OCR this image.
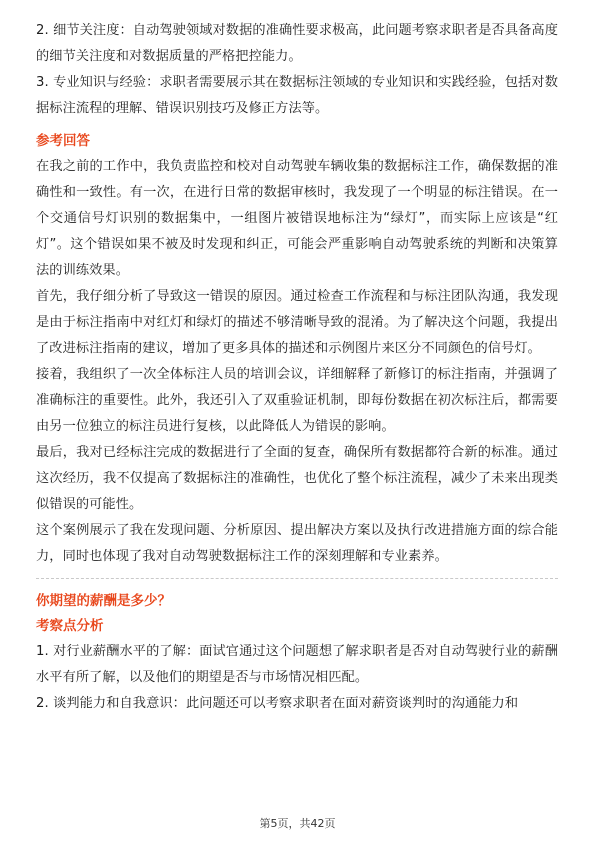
2. 细节关注度：自动驾驶领域对数据的准确性要求极高，此问题考察求职者是否具备高度的细节关注度和对数据质量的严格把控能力。

3. 专业知识与经验：求职者需要展示其在数据标注领域的专业知识和实践经验，包括对数据标注流程的理解、错误识别技巧及修正方法等。

参考回答

在我之前的工作中，我负责监控和校对自动驾驶车辆收集的数据标注工作，确保数据的准确性和一致性。有一次，在进行日常的数据审核时，我发现了一个明显的标注错误。在一个交通信号灯识别的数据集中，一组图片被错误地标注为“绿灯”，而实际上应该是“红灯”。这个错误如果不被及时发现和纠正，可能会严重影响自动驾驶系统的判断和决策算法的训练效果。

首先，我仔细分析了导致这一错误的原因。通过检查工作流程和与标注团队沟通，我发现是由于标注指南中对红灯和绿灯的描述不够清晰导致的混淆。为了解决这个问题，我提出了改进标注指南的建议，增加了更多具体的描述和示例图片来区分不同颜色的信号灯。

接着，我组织了一次全体标注人员的培训会议，详细解释了新修订的标注指南，并强调了准确标注的重要性。此外，我还引入了双重验证机制，即每份数据在初次标注后，都需要由另一位独立的标注员进行复核，以此降低人为错误的影响。

最后，我对已经标注完成的数据进行了全面的复查，确保所有数据都符合新的标准。通过这次经历，我不仅提高了数据标注的准确性，也优化了整个标注流程，减少了未来出现类似错误的可能性。

这个案例展示了我在发现问题、分析原因、提出解决方案以及执行改进措施方面的综合能力，同时也体现了我对自动驾驶数据标注工作的深刻理解和专业素养。

你期望的薪酬是多少？

考察点分析

1. 对行业薪酬水平的了解：面试官通过这个问题想了解求职者是否对自动驾驶行业的薪酬水平有所了解，以及他们的期望是否与市场情况相匹配。

2. 谈判能力和自我意识：此问题还可以考察求职者在面对薪资谈判时的沟通能力和

第5页，共42页
